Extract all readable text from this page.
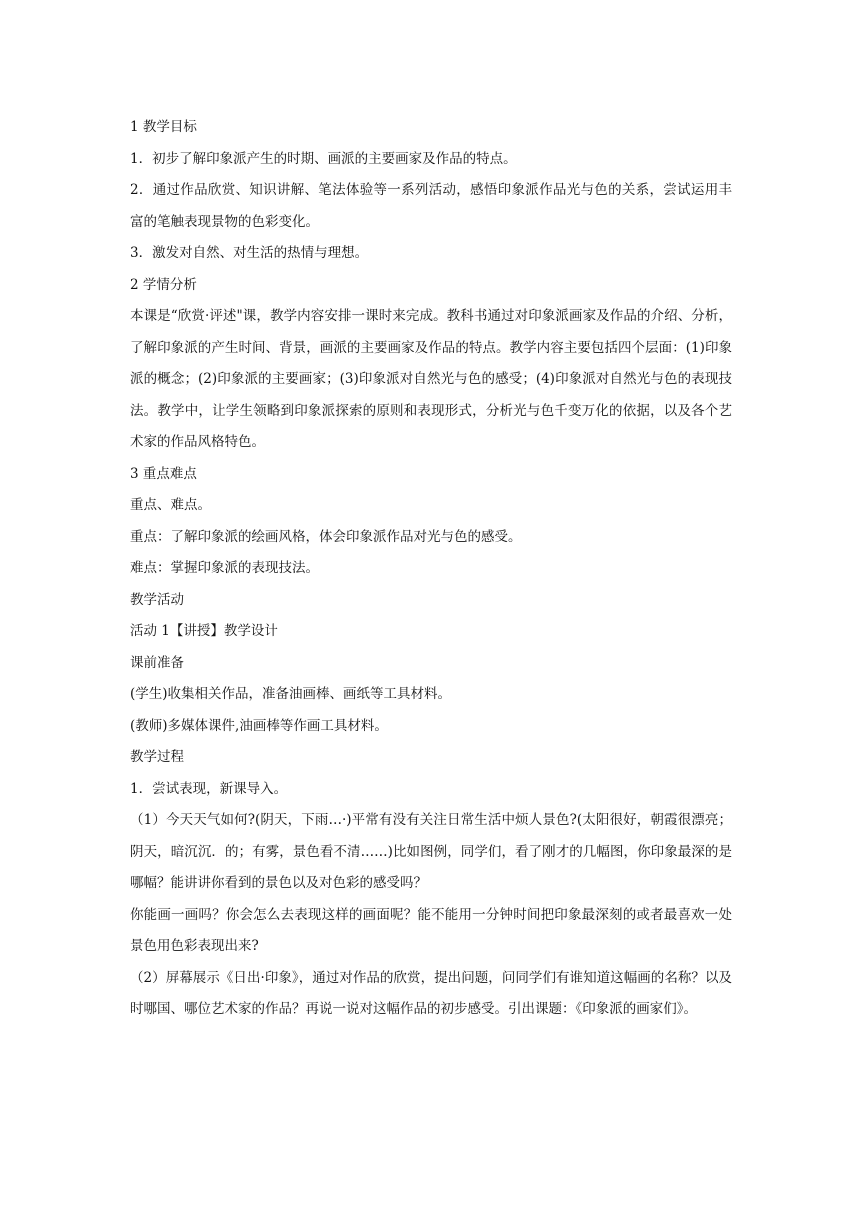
1 教学目标

1．初步了解印象派产生的时期、画派的主要画家及作品的特点。

2．通过作品欣赏、知识讲解、笔法体验等一系列活动，感悟印象派作品光与色的关系，尝试运用丰富的笔触表现景物的色彩变化。

3．激发对自然、对生活的热情与理想。

2 学情分析

本课是“欣赏·评述"课，教学内容安排一课时来完成。教科书通过对印象派画家及作品的介绍、分析，了解印象派的产生时间、背景，画派的主要画家及作品的特点。教学内容主要包括四个层面：(1)印象派的概念；(2)印象派的主要画家；(3)印象派对自然光与色的感受；(4)印象派对自然光与色的表现技法。教学中，让学生领略到印象派探索的原则和表现形式，分析光与色千变万化的依据，以及各个艺术家的作品风格特色。

3 重点难点

重点、难点。

重点：了解印象派的绘画风格，体会印象派作品对光与色的感受。

难点：掌握印象派的表现技法。

教学活动

活动 1【讲授】教学设计

课前准备

(学生)收集相关作品，准备油画棒、画纸等工具材料。

(教师)多媒体课件,油画棒等作画工具材料。

教学过程

1．尝试表现，新课导入。

（1）今天天气如何?(阴天，下雨…·)平常有没有关注日常生活中烦人景色?(太阳很好，朝霞很漂亮；阴天，暗沉沉．的；有雾，景色看不清……)比如图例，同学们，看了刚才的几幅图，你印象最深的是哪幅？能讲讲你看到的景色以及对色彩的感受吗？

你能画一画吗？你会怎么去表现这样的画面呢？能不能用一分钟时间把印象最深刻的或者最喜欢一处景色用色彩表现出来?

（2）屏幕展示《日出·印象》，通过对作品的欣赏，提出问题，问同学们有谁知道这幅画的名称？以及时哪国、哪位艺术家的作品？再说一说对这幅作品的初步感受。引出课题：《印象派的画家们》。
